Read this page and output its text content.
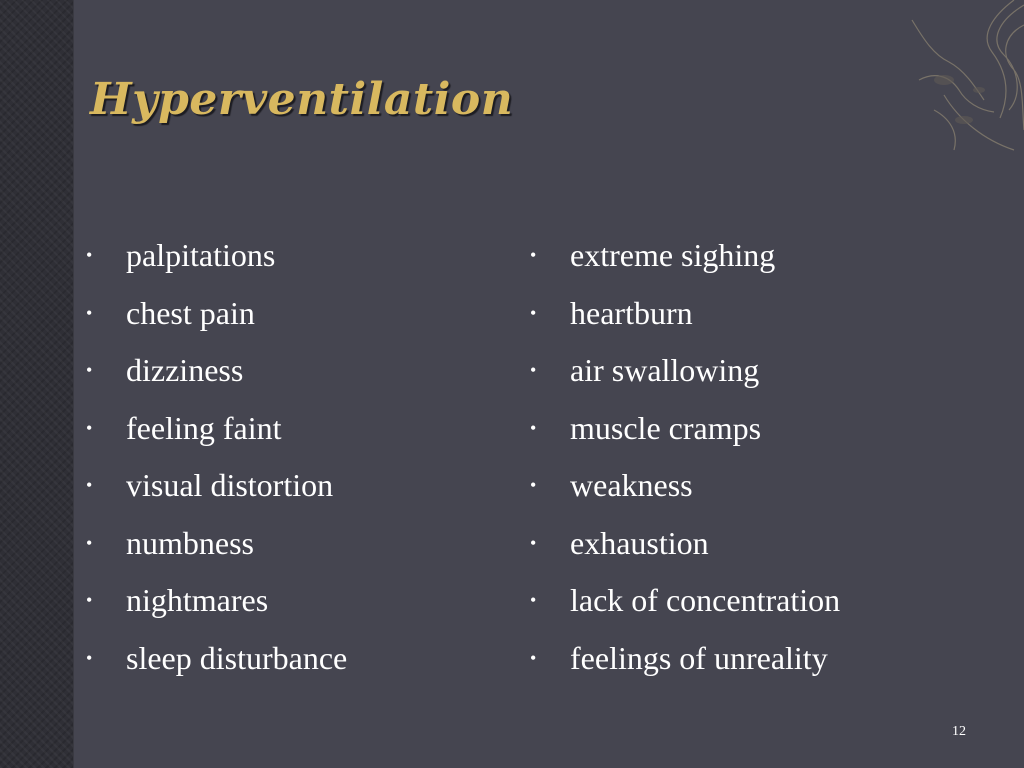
Hyperventilation
•	palpitations
•	chest pain
•	dizziness
•	feeling faint
•	visual distortion
•	numbness
•	nightmares
•	sleep disturbance
•	extreme sighing
•	heartburn
•	air swallowing
•	muscle cramps
•	weakness
•	exhaustion
•	lack of concentration
•	feelings of unreality
12
